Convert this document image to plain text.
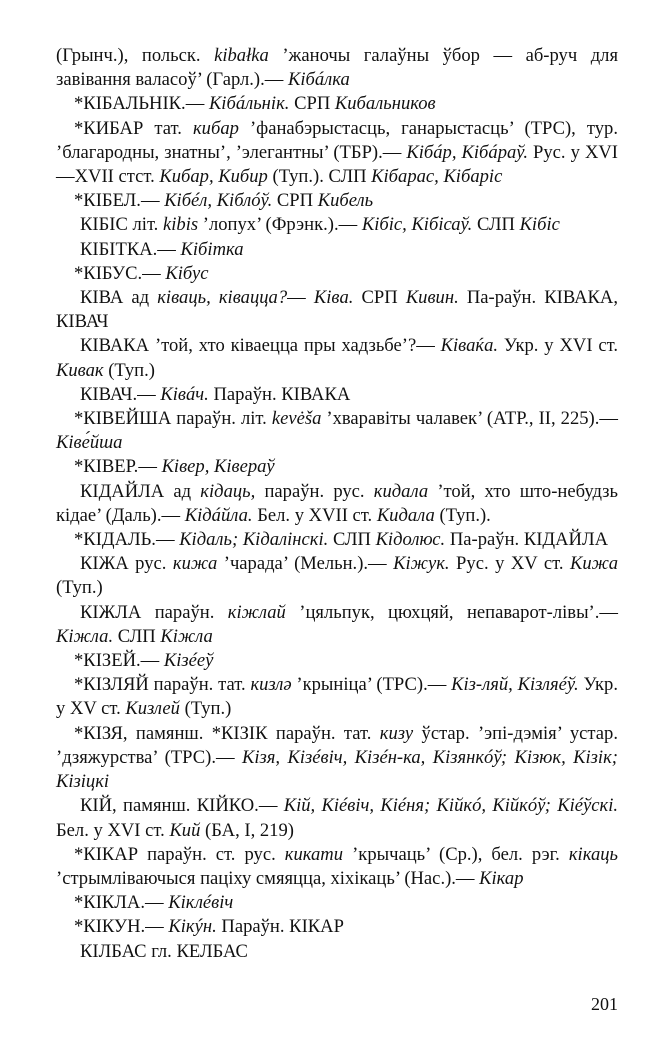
(Грынч.), польск. kibałka ’жаночы галаўны ўбор — аб-руч для завівання валасоў’ (Гарл.).— Кібáлка

*КІБАЛЬНІК.— Кібáльнік. СРП Кибальников

*КИБАР тат. кибар ’фанабэрыстасць, ганарыстасць’ (ТРС), тур. ’благародны, знатны’, ’элегантны’ (ТБР).— Кібáр, Кібáрaў. Рус. у XVI—XVII стст. Кибар, Кибир (Туп.). СЛП Кібарас, Кібаріс

*КІБЕЛ.— Кібéл, Кіблóў. СРП Кибель

КІБІС літ. kibis ’лопух’ (Фрэнк.).— Кібіс, Кібісаў. СЛП Кібіс

КІБІТКА.— Кібітка

*КІБУС.— Кібус

КІВА ад ківаць, ківаццa?— Ківa. СРП Кивин. Па-раўн. КІВАКА, КІВАЧ

КІВАКА ’той, хто ківаецца пры хадзьбе’?— Ківаќа. Укр. у XVI ст. Кивак (Туп.)

КІВАЧ.— Ківáч. Параўн. КІВАКА

*КІВЕЙША параўн. літ. kevėša ’хваравіты чалавек’ (АТР., II, 225).— Ківе́йша

*КІВЕР.— Ківер, Ківерaў

КІДАЙЛА ад кідаць, параўн. рус. кидала ’той, хто што-небудзь кідае’ (Даль).— Кідáйла. Бел. у XVII ст. Кидала (Туп.).

*КІДАЛЬ.— Кідаль; Кідалінскі. СЛП Кідолюс. Па-раўн. КІДАЙЛА

КІЖА рус. кижа ’чарада’ (Мельн.).— Кіжук. Рус. у XV ст. Кижа (Туп.)

КІЖЛА параўн. кіжлай ’цяльпук, цюхцяй, непаварот-лівы’.— Кіжла. СЛП Кіжла

*КІЗЕЙ.— Кізéeў

*КІЗЛЯЙ параўн. тат. кизлə ’крыніца’ (ТРС).— Кіз-ляй, Кізляéў. Укр. у XV ст. Кизлей (Туп.)

*КІЗЯ, памянш. *КІЗІК параўн. тат. кизу ўстар. ’эпі-дэмія’ устар. ’дзяжурства’ (ТРС).— Кізя, Кізéвіч, Кізéн-ка, Кізянкóў; Кізюк, Кізік; Кізіцкі

КІЙ, памянш. КІЙКО.— Кій, Кіéвіч, Кіéня; Кійкó, Кійкóў; Кіéўскі. Бел. у XVI ст. Кий (БА, I, 219)

*КІКАР параўн. ст. рус. кикати ’крычаць’ (Ср.), бел. рэг. кікаць ’стрымліваючыся паціху смяяцца, хіхікаць’ (Нас.).— Кікар

*КІКЛА.— Кіклéвіч

*КІКУН.— Кікýн. Параўн. КІКАР

КІЛБАС гл. КЕЛБАС

201
